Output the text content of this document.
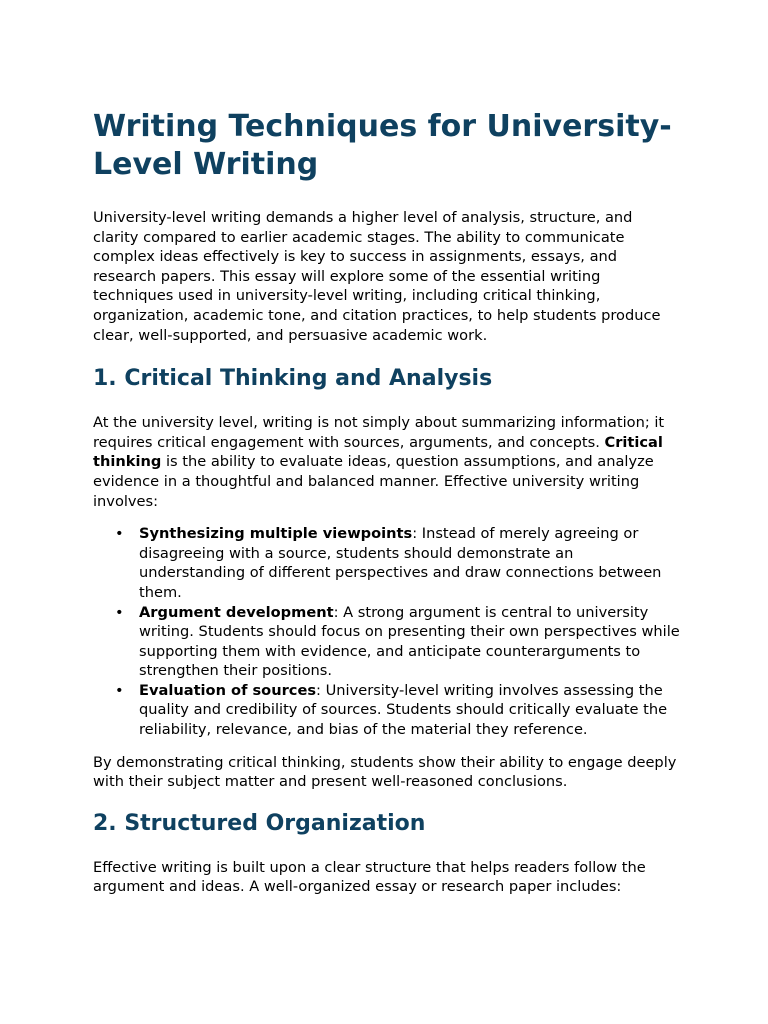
Writing Techniques for University-Level Writing

University-level writing demands a higher level of analysis, structure, and clarity compared to earlier academic stages. The ability to communicate complex ideas effectively is key to success in assignments, essays, and research papers. This essay will explore some of the essential writing techniques used in university-level writing, including critical thinking, organization, academic tone, and citation practices, to help students produce clear, well-supported, and persuasive academic work.

1. Critical Thinking and Analysis

At the university level, writing is not simply about summarizing information; it requires critical engagement with sources, arguments, and concepts. Critical thinking is the ability to evaluate ideas, question assumptions, and analyze evidence in a thoughtful and balanced manner. Effective university writing involves:

• Synthesizing multiple viewpoints: Instead of merely agreeing or disagreeing with a source, students should demonstrate an understanding of different perspectives and draw connections between them.
• Argument development: A strong argument is central to university writing. Students should focus on presenting their own perspectives while supporting them with evidence, and anticipate counterarguments to strengthen their positions.
• Evaluation of sources: University-level writing involves assessing the quality and credibility of sources. Students should critically evaluate the reliability, relevance, and bias of the material they reference.

By demonstrating critical thinking, students show their ability to engage deeply with their subject matter and present well-reasoned conclusions.

2. Structured Organization

Effective writing is built upon a clear structure that helps readers follow the argument and ideas. A well-organized essay or research paper includes:
